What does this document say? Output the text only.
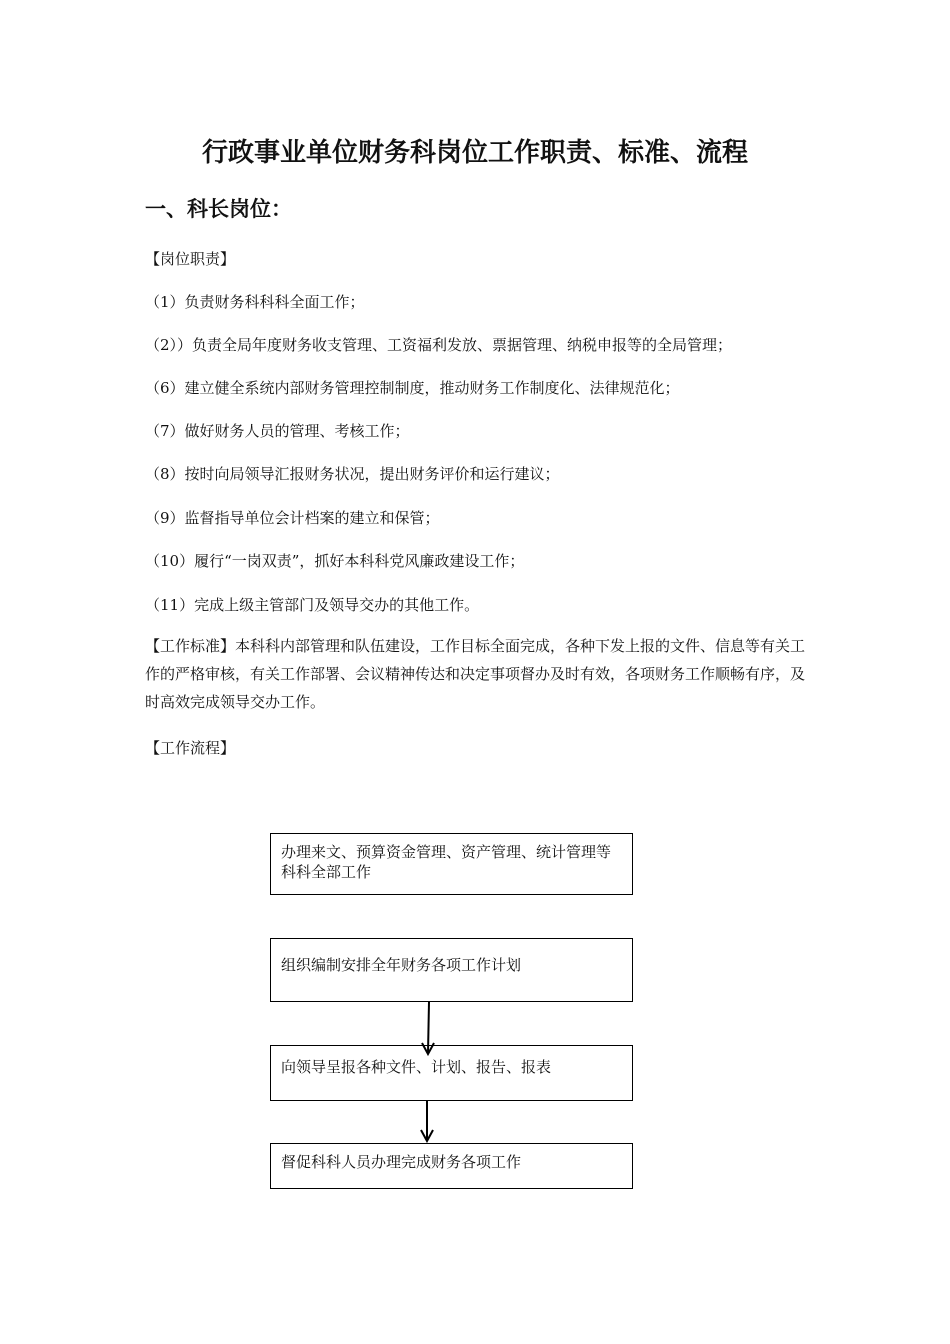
行政事业单位财务科岗位工作职责、标准、流程
一、科长岗位：
【岗位职责】
（1）负责财务科科科全面工作；
（2））负责全局年度财务收支管理、工资福利发放、票据管理、纳税申报等的全局管理；
（6）建立健全系统内部财务管理控制制度，推动财务工作制度化、法律规范化；
（7）做好财务人员的管理、考核工作；
（8）按时向局领导汇报财务状况，提出财务评价和运行建议；
（9）监督指导单位会计档案的建立和保管；
（10）履行“一岗双责”，抓好本科科党风廉政建设工作；
（11）完成上级主管部门及领导交办的其他工作。
【工作标准】本科科内部管理和队伍建设，工作目标全面完成，各种下发上报的文件、信息等有关工作的严格审核，有关工作部署、会议精神传达和决定事项督办及时有效，各项财务工作顺畅有序，及时高效完成领导交办工作。
【工作流程】
办理来文、预算资金管理、资产管理、统计管理等科科全部工作
组织编制安排全年财务各项工作计划
向领导呈报各种文件、计划、报告、报表
督促科科人员办理完成财务各项工作
